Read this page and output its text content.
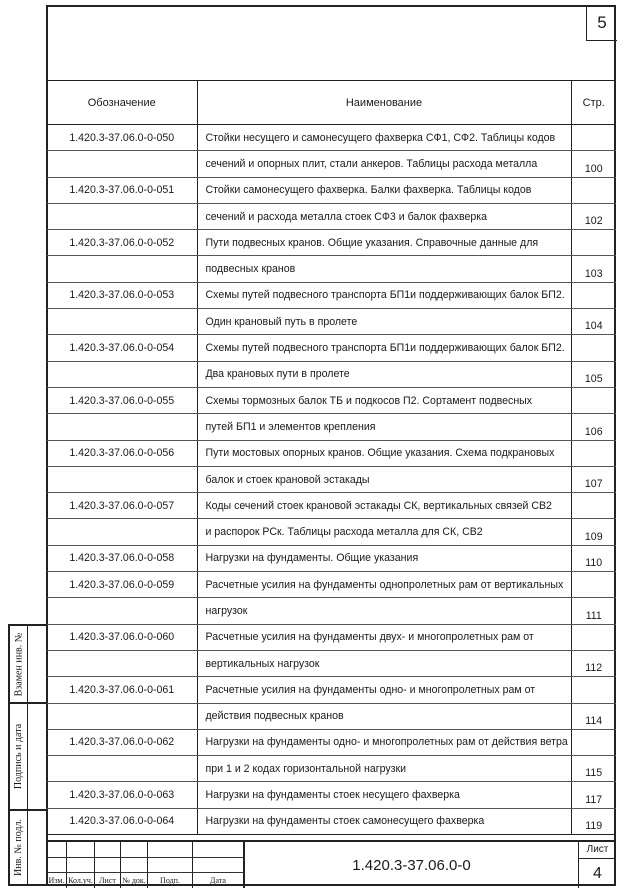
5
Обозначение	Наименование	Стр.
1.420.3-37.06.0-0-050	Стойки несущего и самонесущего фахверка СФ1, СФ2. Таблицы кодов	
	сечений и опорных плит, стали анкеров. Таблицы расхода металла	100
1.420.3-37.06.0-0-051	Стойки самонесущего фахверка. Балки фахверка. Таблицы кодов	
	сечений и расхода металла стоек СФ3 и балок фахверка	102
1.420.3-37.06.0-0-052	Пути подвесных кранов. Общие указания. Справочные данные для	
	подвесных кранов	103
1.420.3-37.06.0-0-053	Схемы путей подвесного транспорта БП1и поддерживающих балок БП2.	
	Один крановый путь в пролете	104
1.420.3-37.06.0-0-054	Схемы путей подвесного транспорта БП1и поддерживающих балок БП2.	
	Два крановых пути в пролете	105
1.420.3-37.06.0-0-055	Схемы тормозных балок ТБ и подкосов П2. Сортамент подвесных	
	путей БП1 и элементов крепления	106
1.420.3-37.06.0-0-056	Пути мостовых опорных кранов. Общие указания. Схема подкрановых	
	балок и стоек крановой эстакады	107
1.420.3-37.06.0-0-057	Коды сечений стоек крановой эстакады СК, вертикальных связей СВ2	
	и распорок РСк. Таблицы расхода металла для СК, СВ2	109
1.420.3-37.06.0-0-058	Нагрузки на фундаменты. Общие указания	110
1.420.3-37.06.0-0-059	Расчетные усилия на фундаменты однопролетных рам от вертикальных	
	нагрузок	111
1.420.3-37.06.0-0-060	Расчетные усилия на фундаменты двух- и многопролетных рам от	
	вертикальных нагрузок	112
1.420.3-37.06.0-0-061	Расчетные усилия на фундаменты одно- и многопролетных рам от	
	действия подвесных кранов	114
1.420.3-37.06.0-0-062	Нагрузки на фундаменты одно- и многопролетных рам от действия ветра	
	при 1 и 2 кодах горизонтальной нагрузки	115
1.420.3-37.06.0-0-063	Нагрузки на фундаменты стоек несущего фахверка	117
1.420.3-37.06.0-0-064	Нагрузки на фундаменты стоек самонесущего фахверка	119
Взамен инв. №
Подпись и дата
Инв. № подл.
Изм. Кол.уч. Лист № док.	Подп.	Дата
1.420.3-37.06.0-0
Лист
4
